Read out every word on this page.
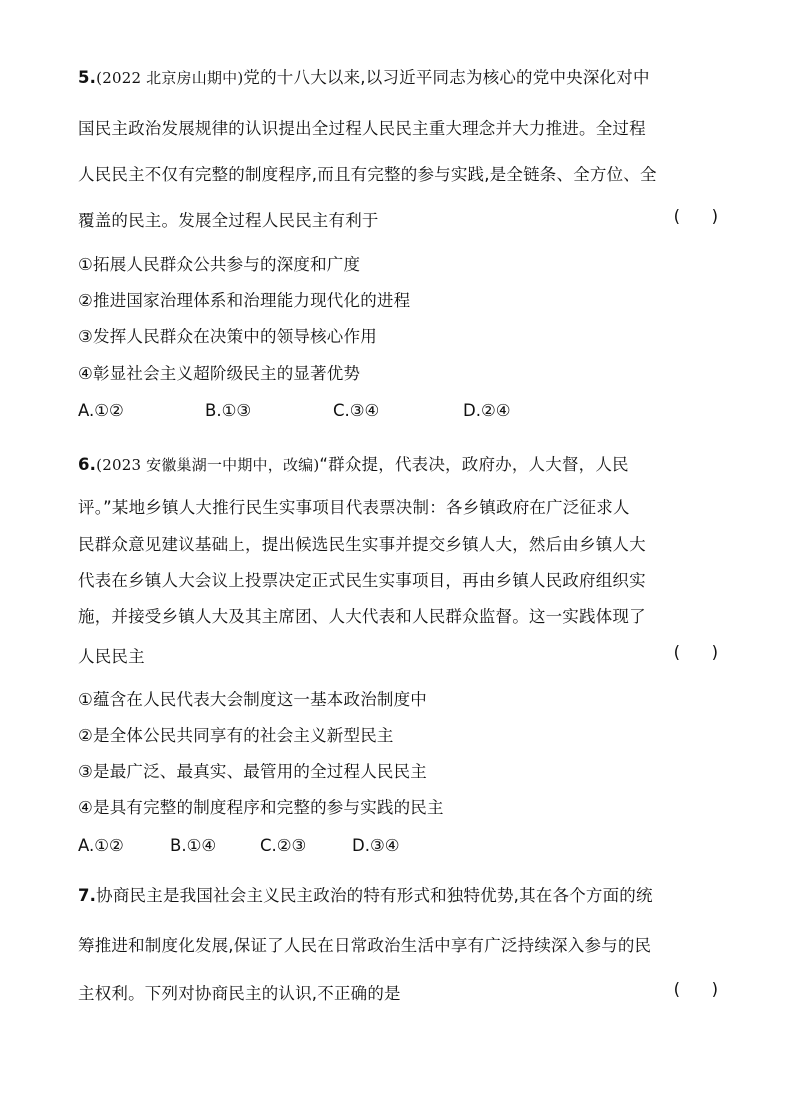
5.(2022 北京房山期中)党的十八大以来,以习近平同志为核心的党中央深化对中
国民主政治发展规律的认识提出全过程人民民主重大理念并大力推进。全过程
人民民主不仅有完整的制度程序,而且有完整的参与实践,是全链条、全方位、全
覆盖的民主。发展全过程人民民主有利于	(      )
①拓展人民群众公共参与的深度和广度
②推进国家治理体系和治理能力现代化的进程
③发挥人民群众在决策中的领导核心作用
④彰显社会主义超阶级民主的显著优势
A.①②	B.①③	C.③④	D.②④
6.(2023 安徽巢湖一中期中，改编)“群众提，代表决，政府办，人大督，人民
评。”某地乡镇人大推行民生实事项目代表票决制：各乡镇政府在广泛征求人
民群众意见建议基础上，提出候选民生实事并提交乡镇人大，然后由乡镇人大
代表在乡镇人大会议上投票决定正式民生实事项目，再由乡镇人民政府组织实
施，并接受乡镇人大及其主席团、人大代表和人民群众监督。这一实践体现了
人民民主	(      )
①蕴含在人民代表大会制度这一基本政治制度中
②是全体公民共同享有的社会主义新型民主
③是最广泛、最真实、最管用的全过程人民民主
④是具有完整的制度程序和完整的参与实践的民主
A.①②	B.①④	C.②③	D.③④
7.协商民主是我国社会主义民主政治的特有形式和独特优势,其在各个方面的统
筹推进和制度化发展,保证了人民在日常政治生活中享有广泛持续深入参与的民
主权利。下列对协商民主的认识,不正确的是	(      )
